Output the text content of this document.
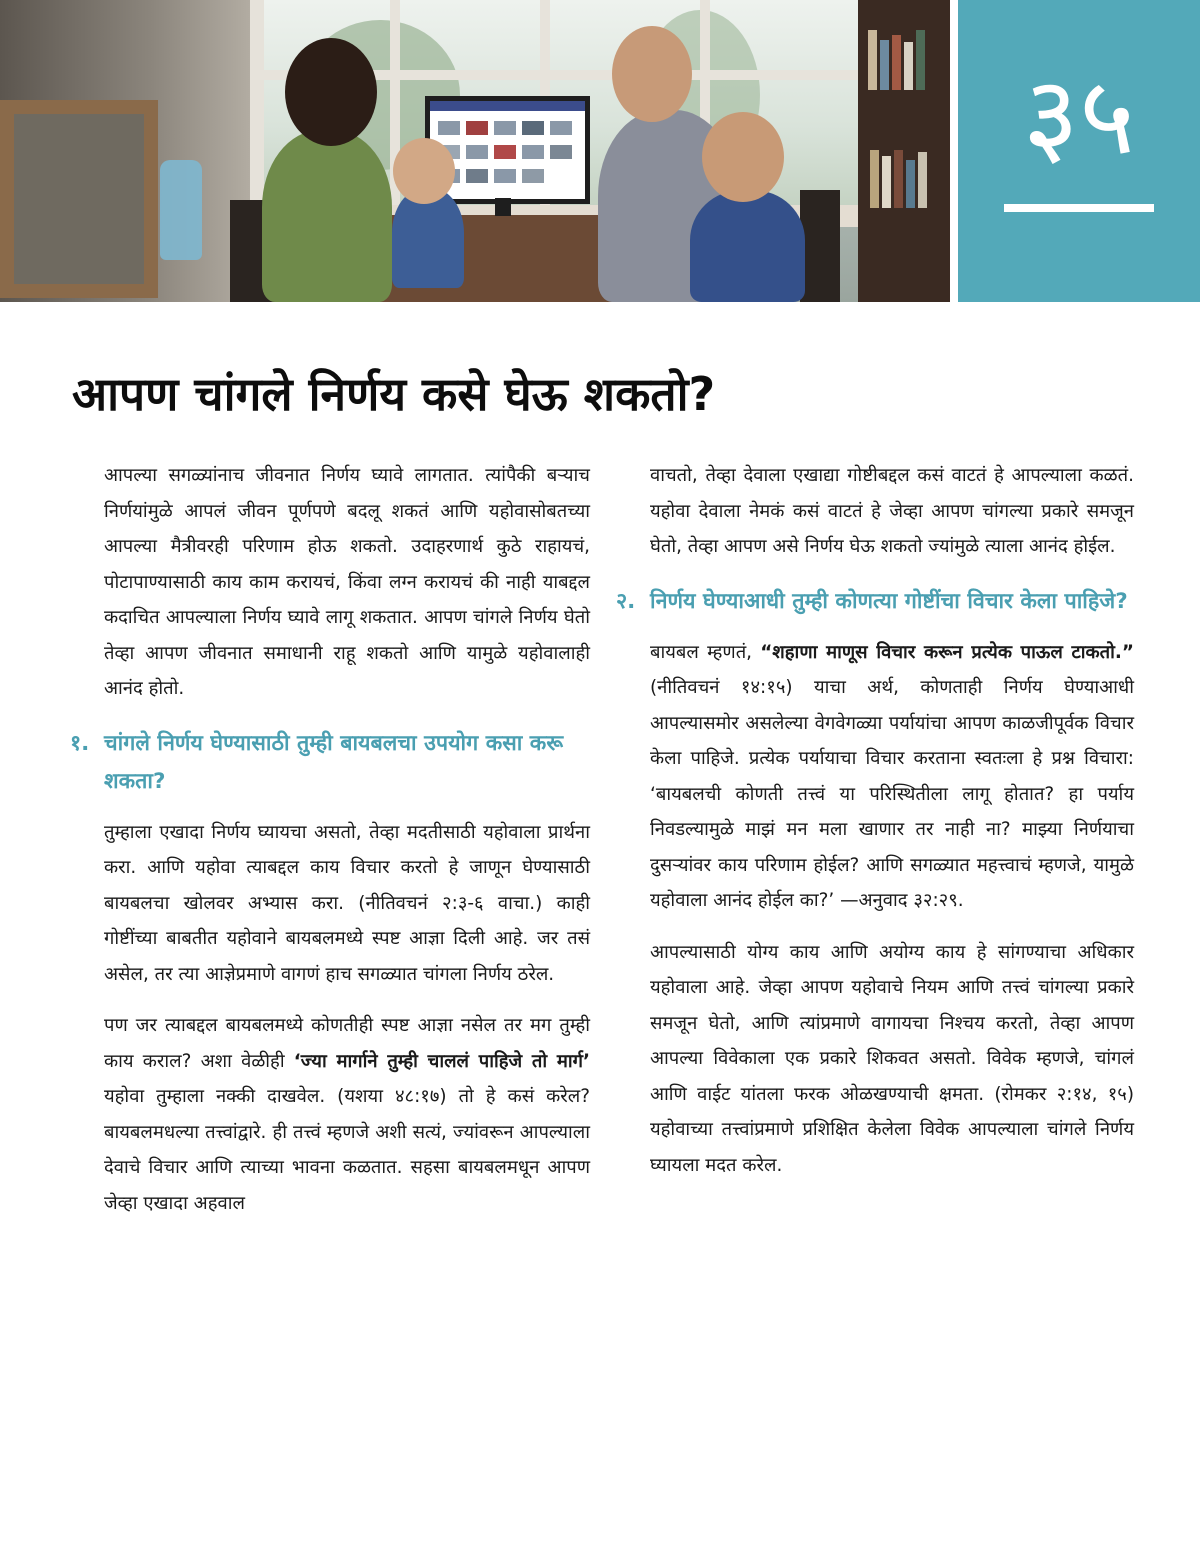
३५
आपण चांगले निर्णय कसे घेऊ शकतो?

आपल्या सगळ्यांनाच जीवनात निर्णय घ्यावे लागतात. त्यांपैकी बऱ्याच निर्णयांमुळे आपलं जीवन पूर्णपणे बदलू शकतं आणि यहोवासोबतच्या आपल्या मैत्रीवरही परिणाम होऊ शकतो. उदाहरणार्थ कुठे राहायचं, पोटापाण्यासाठी काय काम करायचं, किंवा लग्न करायचं की नाही याबद्दल कदाचित आपल्याला निर्णय घ्यावे लागू शकतात. आपण चांगले निर्णय घेतो तेव्हा आपण जीवनात समाधानी राहू शकतो आणि यामुळे यहोवालाही आनंद होतो.

१. चांगले निर्णय घेण्यासाठी तुम्ही बायबलचा उपयोग कसा करू शकता?

तुम्हाला एखादा निर्णय घ्यायचा असतो, तेव्हा मदतीसाठी यहोवाला प्रार्थना करा. आणि यहोवा त्याबद्दल काय विचार करतो हे जाणून घेण्यासाठी बायबलचा खोलवर अभ्यास करा. (नीतिवचनं २:३-६ वाचा.) काही गोष्टींच्या बाबतीत यहोवाने बायबलमध्ये स्पष्ट आज्ञा दिली आहे. जर तसं असेल, तर त्या आज्ञेप्रमाणे वागणं हाच सगळ्यात चांगला निर्णय ठरेल.

पण जर त्याबद्दल बायबलमध्ये कोणतीही स्पष्ट आज्ञा नसेल तर मग तुम्ही काय कराल? अशा वेळीही ‘ज्या मार्गाने तुम्ही चाललं पाहिजे तो मार्ग’ यहोवा तुम्हाला नक्की दाखवेल. (यशया ४८:१७) तो हे कसं करेल? बायबलमधल्या तत्त्वांद्वारे. ही तत्त्वं म्हणजे अशी सत्यं, ज्यांवरून आपल्याला देवाचे विचार आणि त्याच्या भावना कळतात. सहसा बायबलमधून आपण जेव्हा एखादा अहवाल

वाचतो, तेव्हा देवाला एखाद्या गोष्टीबद्दल कसं वाटतं हे आपल्याला कळतं. यहोवा देवाला नेमकं कसं वाटतं हे जेव्हा आपण चांगल्या प्रकारे समजून घेतो, तेव्हा आपण असे निर्णय घेऊ शकतो ज्यांमुळे त्याला आनंद होईल.

२. निर्णय घेण्याआधी तुम्ही कोणत्या गोष्टींचा विचार केला पाहिजे?

बायबल म्हणतं, “शहाणा माणूस विचार करून प्रत्येक पाऊल टाकतो.” (नीतिवचनं १४:१५) याचा अर्थ, कोणताही निर्णय घेण्याआधी आपल्यासमोर असलेल्या वेगवेगळ्या पर्यायांचा आपण काळजीपूर्वक विचार केला पाहिजे. प्रत्येक पर्यायाचा विचार करताना स्वतःला हे प्रश्न विचारा: ‘बायबलची कोणती तत्त्वं या परिस्थितीला लागू होतात? हा पर्याय निवडल्यामुळे माझं मन मला खाणार तर नाही ना? माझ्या निर्णयाचा दुसऱ्यांवर काय परिणाम होईल? आणि सगळ्यात महत्त्वाचं म्हणजे, यामुळे यहोवाला आनंद होईल का?’ —अनुवाद ३२:२९.

आपल्यासाठी योग्य काय आणि अयोग्य काय हे सांगण्याचा अधिकार यहोवाला आहे. जेव्हा आपण यहोवाचे नियम आणि तत्त्वं चांगल्या प्रकारे समजून घेतो, आणि त्यांप्रमाणे वागायचा निश्चय करतो, तेव्हा आपण आपल्या विवेकाला एक प्रकारे शिकवत असतो. विवेक म्हणजे, चांगलं आणि वाईट यांतला फरक ओळखण्याची क्षमता. (रोमकर २:१४, १५) यहोवाच्या तत्त्वांप्रमाणे प्रशिक्षित केलेला विवेक आपल्याला चांगले निर्णय घ्यायला मदत करेल.
